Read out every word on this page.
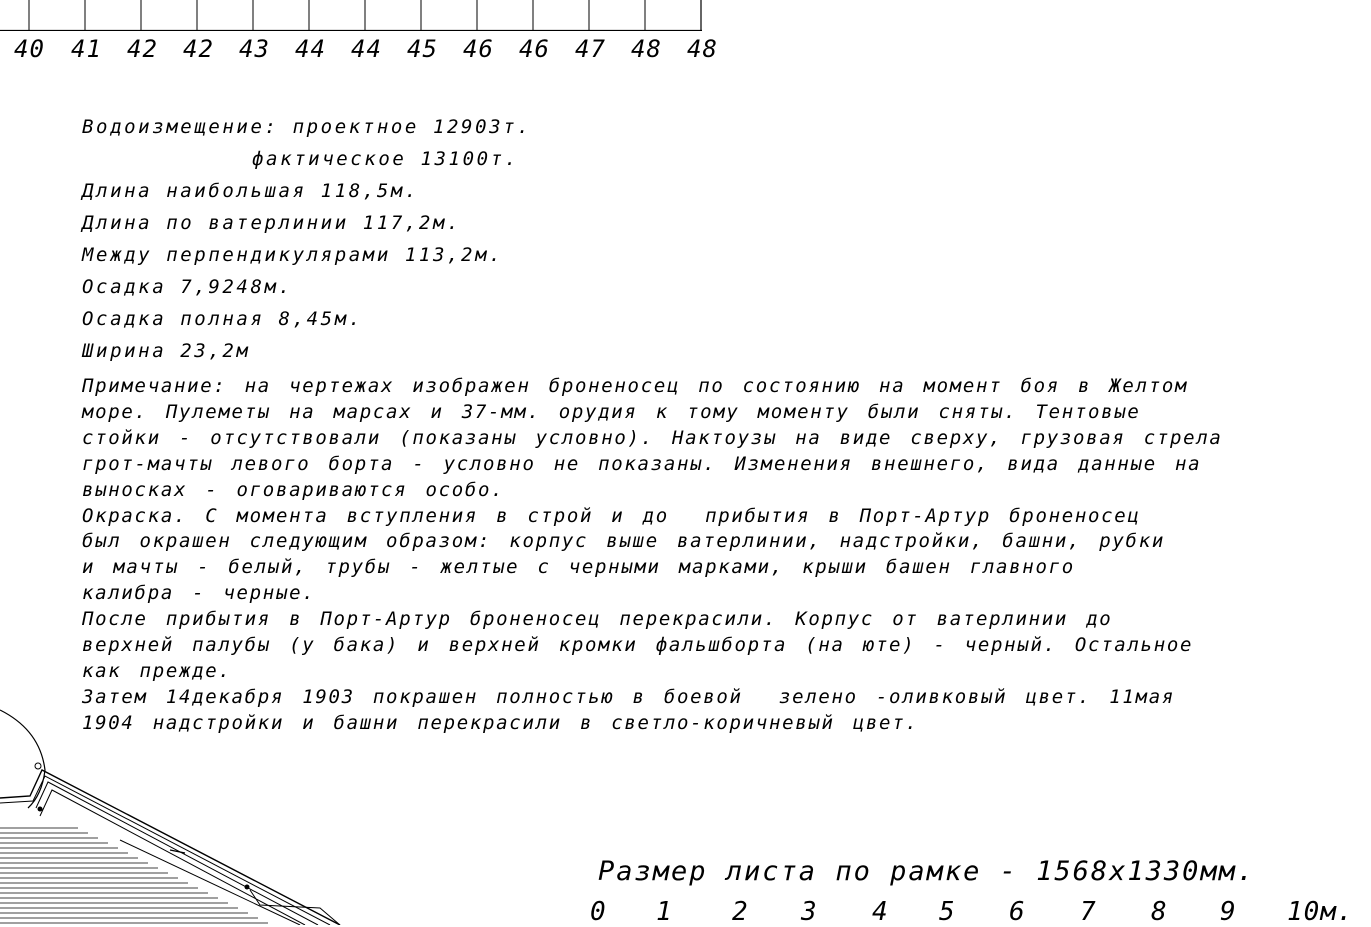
40 41 42 42 43 44 44 45 46 46 47 48 48
Водоизмещение: проектное 12903т.
фактическое 13100т.
Длина наибольшая 118,5м.
Длина по ватерлинии 117,2м.
Между перпендикулярами 113,2м.
Осадка 7,9248м.
Осадка полная 8,45м.
Ширина 23,2м
Примечание: на чертежах изображен броненосец по состоянию на момент боя в Желтом
море. Пулеметы на марсах и 37-мм. орудия к тому моменту были сняты. Тентовые
стойки - отсутствовали (показаны условно). Нактоузы на виде сверху, грузовая стрела
грот-мачты левого борта - условно не показаны. Изменения внешнего, вида данные на
выносках - оговариваются особо.
Окраска. С момента вступления в строй и до  прибытия в Порт-Артур броненосец
был окрашен следующим образом: корпус выше ватерлинии, надстройки, башни, рубки
и мачты - белый, трубы - желтые с черными марками, крыши башен главного
калибра - черные.
После прибытия в Порт-Артур броненосец перекрасили. Корпус от ватерлинии до
верхней палубы (у бака) и верхней кромки фальшборта (на юте) - черный. Остальное
как прежде.
Затем 14декабря 1903 покрашен полностью в боевой  зелено -оливковый цвет. 11мая
1904 надстройки и башни перекрасили в светло-коричневый цвет.
Размер листа по рамке - 1568х1330мм.
0 1 2 3 4 5 6 7 8 9 10м.
